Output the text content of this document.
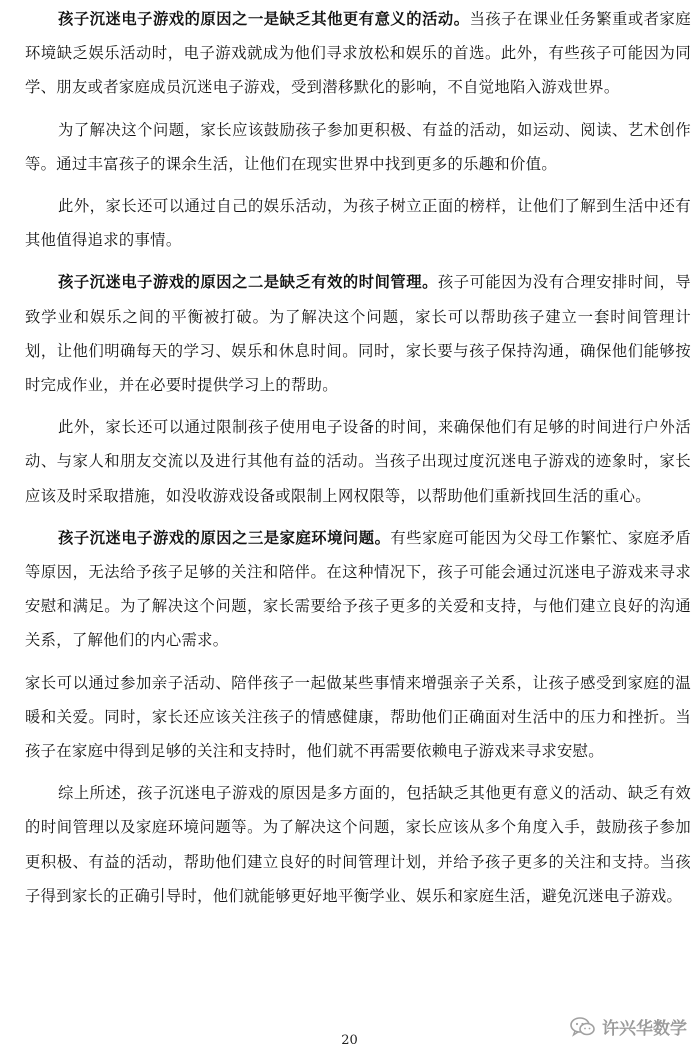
孩子沉迷电子游戏的原因之一是缺乏其他更有意义的活动。当孩子在课业任务繁重或者家庭环境缺乏娱乐活动时，电子游戏就成为他们寻求放松和娱乐的首选。此外，有些孩子可能因为同学、朋友或者家庭成员沉迷电子游戏，受到潜移默化的影响，不自觉地陷入游戏世界。

为了解决这个问题，家长应该鼓励孩子参加更积极、有益的活动，如运动、阅读、艺术创作等。通过丰富孩子的课余生活，让他们在现实世界中找到更多的乐趣和价值。

此外，家长还可以通过自己的娱乐活动，为孩子树立正面的榜样，让他们了解到生活中还有其他值得追求的事情。

孩子沉迷电子游戏的原因之二是缺乏有效的时间管理。孩子可能因为没有合理安排时间，导致学业和娱乐之间的平衡被打破。为了解决这个问题，家长可以帮助孩子建立一套时间管理计划，让他们明确每天的学习、娱乐和休息时间。同时，家长要与孩子保持沟通，确保他们能够按时完成作业，并在必要时提供学习上的帮助。

此外，家长还可以通过限制孩子使用电子设备的时间，来确保他们有足够的时间进行户外活动、与家人和朋友交流以及进行其他有益的活动。当孩子出现过度沉迷电子游戏的迹象时，家长应该及时采取措施，如没收游戏设备或限制上网权限等，以帮助他们重新找回生活的重心。

孩子沉迷电子游戏的原因之三是家庭环境问题。有些家庭可能因为父母工作繁忙、家庭矛盾等原因，无法给予孩子足够的关注和陪伴。在这种情况下，孩子可能会通过沉迷电子游戏来寻求安慰和满足。为了解决这个问题，家长需要给予孩子更多的关爱和支持，与他们建立良好的沟通关系，了解他们的内心需求。

家长可以通过参加亲子活动、陪伴孩子一起做某些事情来增强亲子关系，让孩子感受到家庭的温暖和关爱。同时，家长还应该关注孩子的情感健康，帮助他们正确面对生活中的压力和挫折。当孩子在家庭中得到足够的关注和支持时，他们就不再需要依赖电子游戏来寻求安慰。

综上所述，孩子沉迷电子游戏的原因是多方面的，包括缺乏其他更有意义的活动、缺乏有效的时间管理以及家庭环境问题等。为了解决这个问题，家长应该从多个角度入手，鼓励孩子参加更积极、有益的活动，帮助他们建立良好的时间管理计划，并给予孩子更多的关注和支持。当孩子得到家长的正确引导时，他们就能够更好地平衡学业、娱乐和家庭生活，避免沉迷电子游戏。

许兴华数学
20
